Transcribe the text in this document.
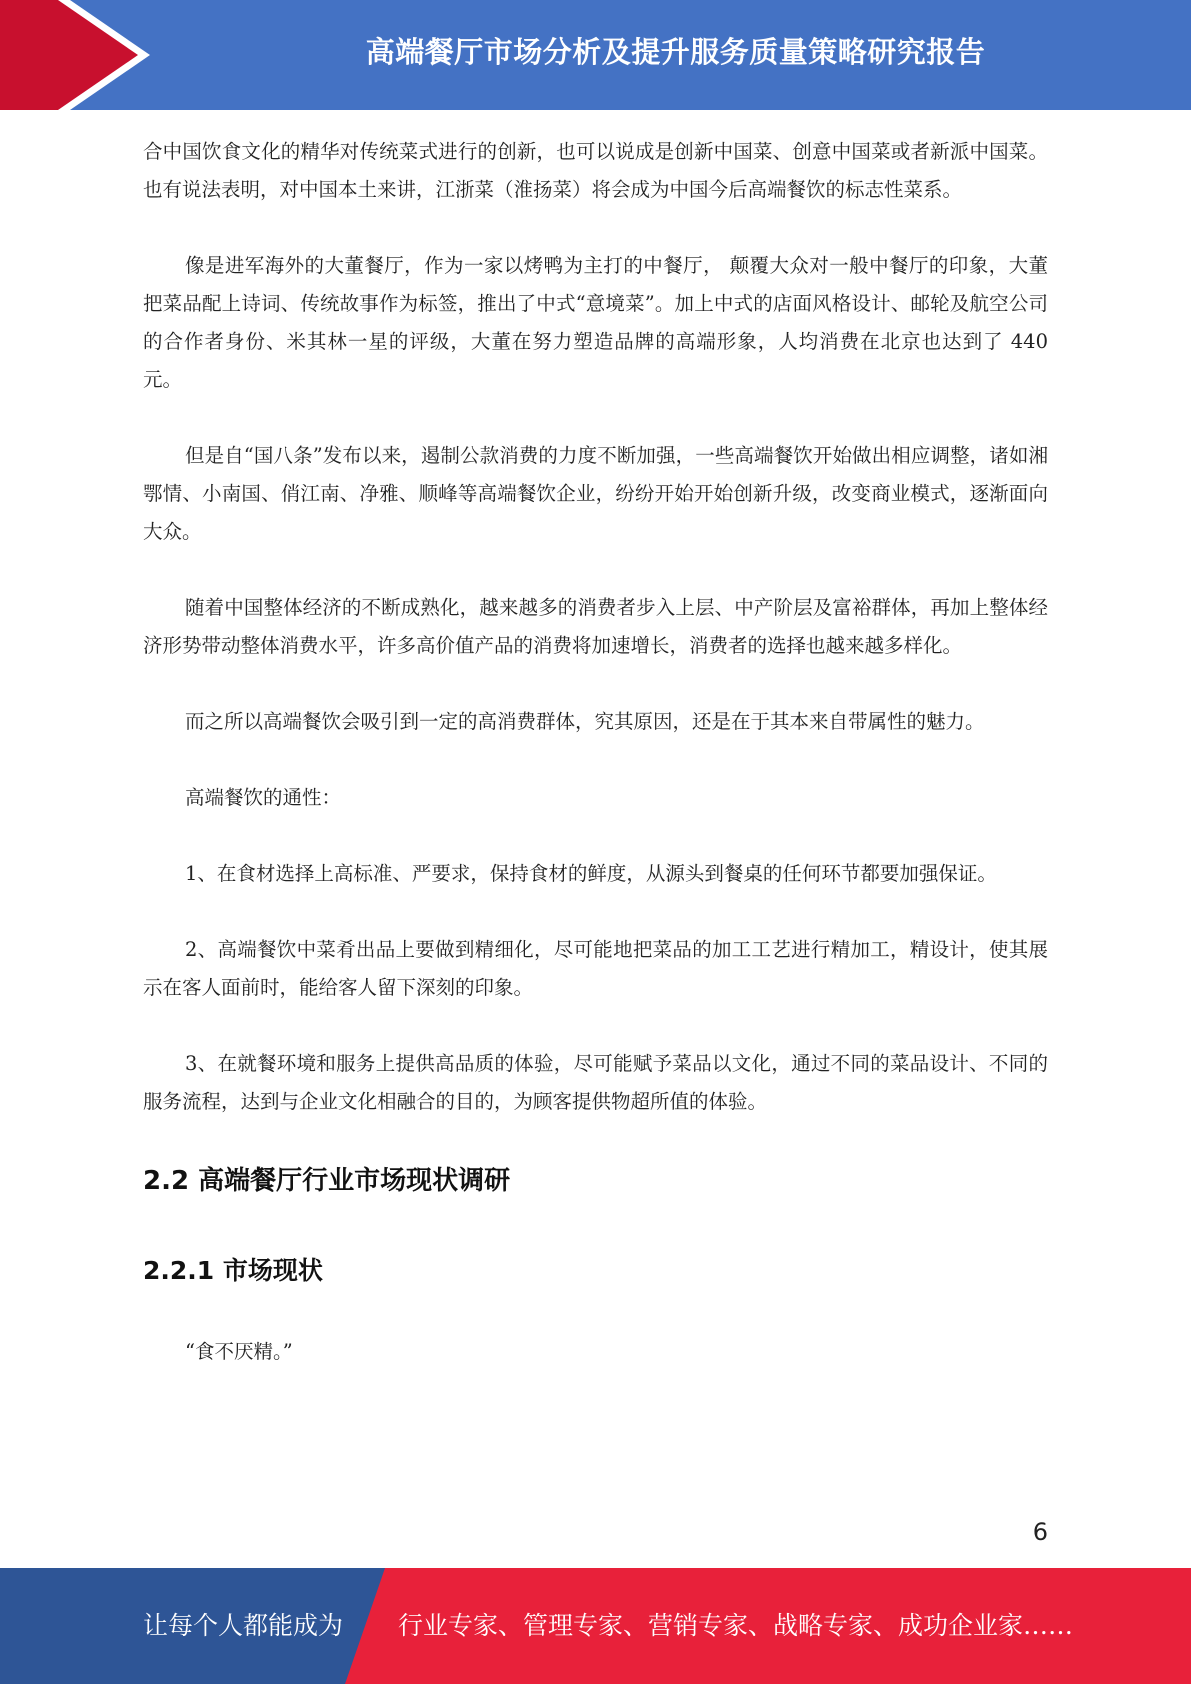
高端餐厅市场分析及提升服务质量策略研究报告

合中国饮食文化的精华对传统菜式进行的创新，也可以说成是创新中国菜、创意中国菜或者新派中国菜。也有说法表明，对中国本土来讲，江浙菜（淮扬菜）将会成为中国今后高端餐饮的标志性菜系。

像是进军海外的大董餐厅，作为一家以烤鸭为主打的中餐厅， 颠覆大众对一般中餐厅的印象，大董把菜品配上诗词、传统故事作为标签，推出了中式“意境菜”。加上中式的店面风格设计、邮轮及航空公司的合作者身份、米其林一星的评级，大董在努力塑造品牌的高端形象，人均消费在北京也达到了 440 元。

但是自“国八条”发布以来，遏制公款消费的力度不断加强，一些高端餐饮开始做出相应调整，诸如湘鄂情、小南国、俏江南、净雅、顺峰等高端餐饮企业，纷纷开始开始创新升级，改变商业模式，逐渐面向大众。

随着中国整体经济的不断成熟化，越来越多的消费者步入上层、中产阶层及富裕群体，再加上整体经济形势带动整体消费水平，许多高价值产品的消费将加速增长，消费者的选择也越来越多样化。

而之所以高端餐饮会吸引到一定的高消费群体，究其原因，还是在于其本来自带属性的魅力。

高端餐饮的通性：

1、在食材选择上高标准、严要求，保持食材的鲜度，从源头到餐桌的任何环节都要加强保证。

2、高端餐饮中菜肴出品上要做到精细化，尽可能地把菜品的加工工艺进行精加工，精设计，使其展示在客人面前时，能给客人留下深刻的印象。

3、在就餐环境和服务上提供高品质的体验，尽可能赋予菜品以文化，通过不同的菜品设计、不同的服务流程，达到与企业文化相融合的目的，为顾客提供物超所值的体验。

2.2 高端餐厅行业市场现状调研
2.2.1 市场现状

“食不厌精。”

6
让每个人都能成为 行业专家、管理专家、营销专家、战略专家、成功企业家……
